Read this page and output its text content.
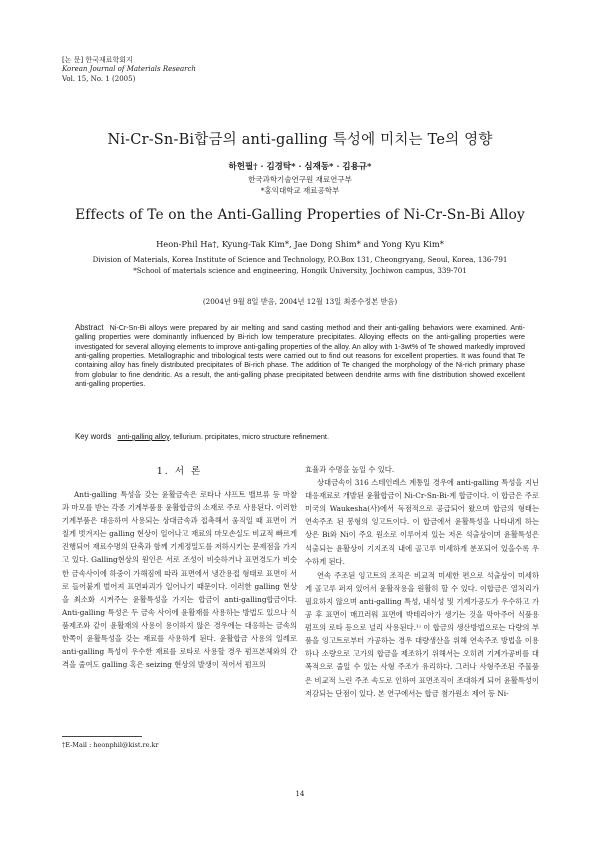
[논 문] 한국재료학회지
Korean Journal of Materials Research
Vol. 15, No. 1 (2005)
Ni-Cr-Sn-Bi합금의 anti-galling 특성에 미치는 Te의 영향
하헌필† · 김경탁* · 심재동* · 김용규*
한국과학기술연구원 재료연구부
*홍익대학교 재료공학부
Effects of Te on the Anti-Galling Properties of Ni-Cr-Sn-Bi Alloy
Heon-Phil Ha†, Kyung-Tak Kim*, Jae Dong Shim* and Yong Kyu Kim*
Division of Materials, Korea Institute of Science and Technology, P.O.Box 131, Cheongryang, Seoul, Korea, 136-791
*School of materials science and engineering, Hongik University, Jochiwon campus, 339-701
(2004년 9월 8일 받음, 2004년 12월 13일 최종수정본 받음)
Abstract Ni-Cr-Sn-Bi alloys were prepared by air melting and sand casting method and their anti-galling behaviors were examined. Anti-galling properties were dominantly influenced by Bi-rich low temperature precipitates. Alloying effects on the anti-galling properties were investigated for several alloying elements to improve anti-galling properties of the alloy. An alloy with 1-3wt% of Te showed markedly improved anti-galling properties. Metallographic and tribological tests were carried out to find out reasons for excellent properties. It was found that Te containing alloy has finely distributed precipitates of Bi-rich phase. The addition of Te changed the morphology of the Ni-rich primary phase from globular to fine dendritic. As a result, the anti-galling phase precipitated between dendrite arms with fine distribution showed excellent anti-galling properties.
Key words anti-galling alloy, tellurium. prcipitates, micro structure refinement.
1. 서 론

Anti-galling 특성을 갖는 윤활금속은 로타나 샤프트 밸브류 등 마찰과 마모를 받는 각종 기계부품용 윤활합금의 소재로 주로 사용된다. 이러한 기계부품은 대응하여 사용되는 상대금속과 접촉해서 움직일 때 표면이 거칠게 벗겨지는 galling 현상이 일어나고 재료의 마모손실도 비교적 빠르게 진행되어 재료수명의 단축과 함께 기계정밀도를 저하시키는 문제점을 가지고 있다. Galling현상의 원인은 서로 조성이 비슷하거나 표면경도가 비슷한 금속사이에 하중이 가해짐에 따라 표면에서 냉간용접 형태로 표면이 서로 들어붙게 벌어져 표면파괴가 일어나기 때문이다. 이러한 galling 현상을 최소화 시켜주는 윤활특성을 가지는 합금이 anti-galling합금이다. Anti-galling 특성은 두 금속 사이에 윤활재를 사용하는 방법도 있으나 식품제조와 같이 윤활재의 사용이 용이하지 않은 경우에는 대응하는 금속의 한쪽이 윤활특성을 갖는 재료를 사용하게 된다. 윤활합금 사용의 일례로 anti-galling 특성이 우수한 재료를 로타로 사용할 경우 펌프본체와의 간격을 줄여도 galling 혹은 seizing 현상의 발생이 적어서 펌프의

효율과 수명을 높일 수 있다.

상대금속이 316 스테인레스 계통일 경우에 anti-galling 특성을 지닌 대응재료로 개발된 윤활합금이 Ni-Cr-Sn-Bi-계 합금이다. 이 합금은 주로 미국의 Waukesha(사)에서 독점적으로 공급되어 왔으며 합금의 형태는 연속주조 된 봉형의 잉고트이다. 이 합금에서 윤활특성을 나타내게 하는 상은 Bi와 Ni이 주요 원소로 이루어져 있는 저온 석출상이며 윤활특성은 석출되는 윤활상이 기지조직 내에 골고루 미세하게 분포되어 있을수록 우수하게 된다.

연속 주조된 잉고트의 조직은 비교적 미세한 편으로 석출상이 미세하게 골고루 퍼져 있어서 윤활작용을 원활히 할 수 있다. 이합금은 열처리가 필요하지 않으며 anti-galling 특성, 내식성 및 기계가공도가 우수하고 가공 후 표면이 매끄러워 표면에 박테리아가 생기는 것을 막아주어 식품용 펌프의 로타 등으로 널리 사용된다.¹⁾ 이 합금의 생산방법으로는 다량의 부품을 잉고트로부터 가공하는 경우 대량생산을 위해 연속주조 방법을 이용하나 소량으로 고가의 합금을 제조하기 위해서는 오히려 기계가공비를 대폭적으로 줄일 수 있는 사형 주조가 유리하다. 그러나 사형주조된 주물품은 비교적 느린 주조 속도로 인하여 표면조직이 조대하게 되어 윤활특성이 저감되는 단점이 있다. 본 연구에서는 합금 첨가원소 제어 등 Ni-

†E-Mail : heonphil@kist.re.kr
14
